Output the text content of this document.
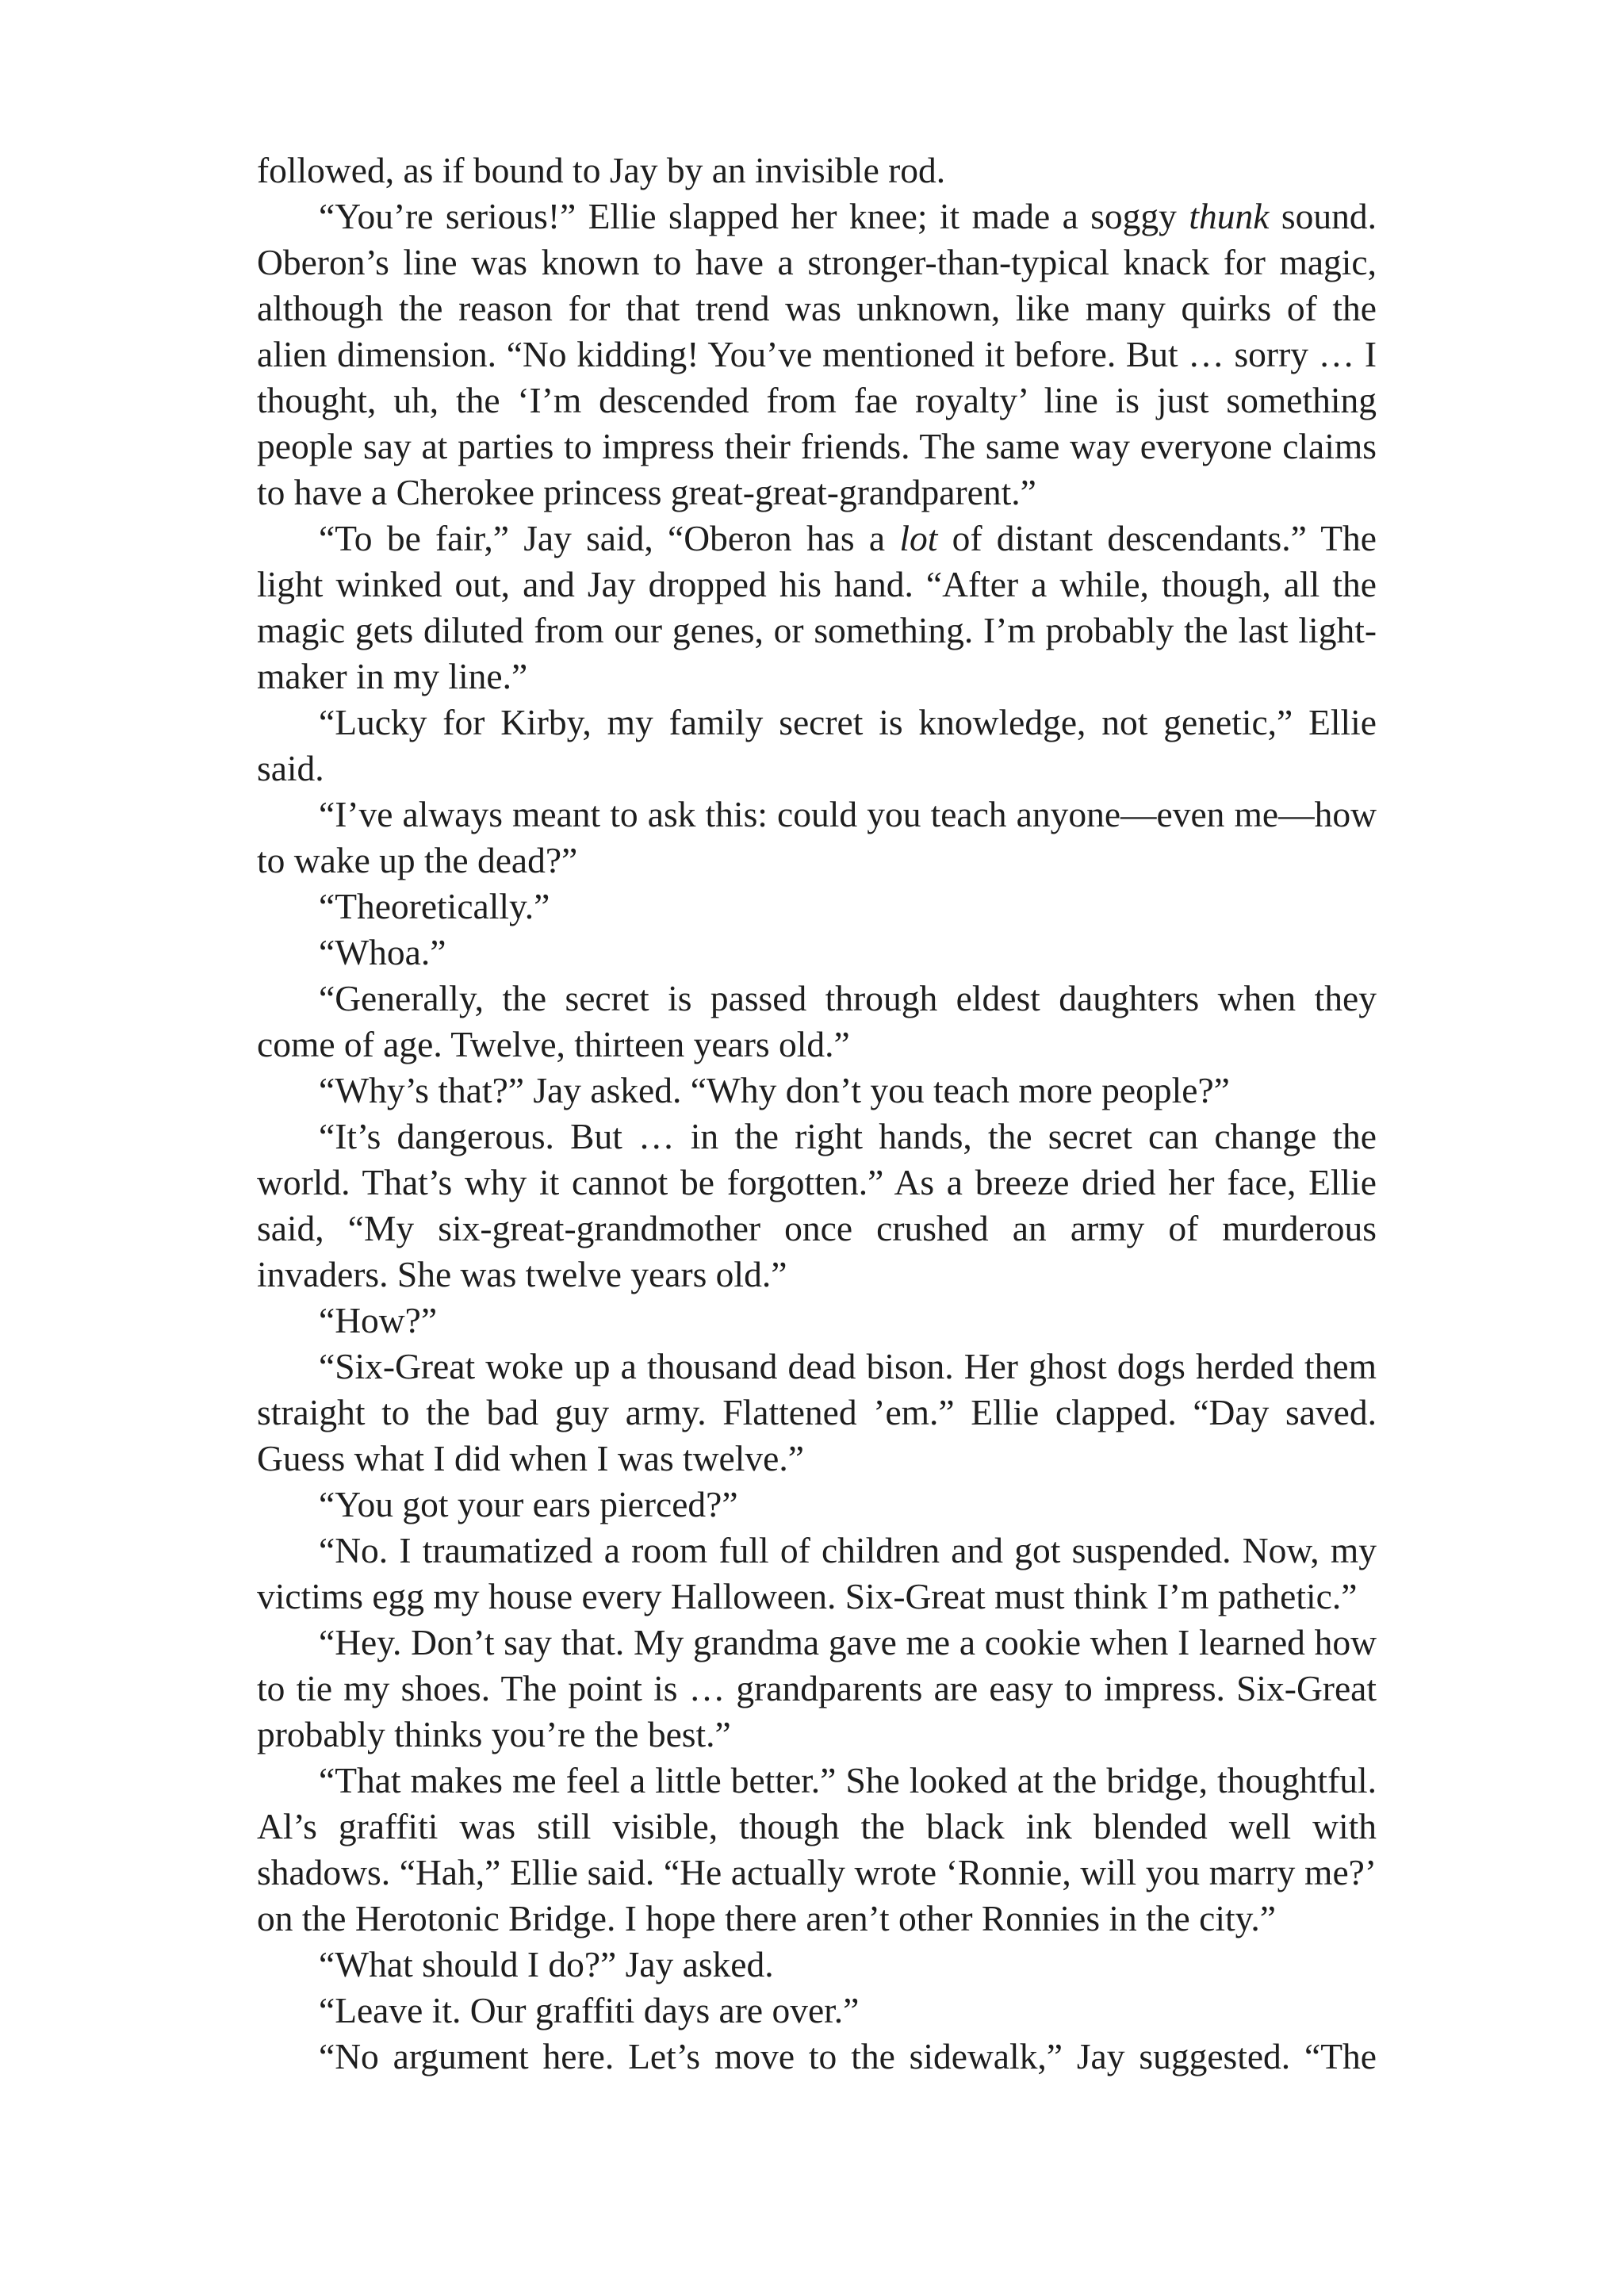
followed, as if bound to Jay by an invisible rod.

“You’re serious!” Ellie slapped her knee; it made a soggy thunk sound. Oberon’s line was known to have a stronger-than-typical knack for magic, although the reason for that trend was unknown, like many quirks of the alien dimension. “No kidding! You’ve mentioned it before. But … sorry … I thought, uh, the ‘I’m descended from fae royalty’ line is just something people say at parties to impress their friends. The same way everyone claims to have a Cherokee princess great-great-grandparent.”

“To be fair,” Jay said, “Oberon has a lot of distant descendants.” The light winked out, and Jay dropped his hand. “After a while, though, all the magic gets diluted from our genes, or something. I’m probably the last light-maker in my line.”

“Lucky for Kirby, my family secret is knowledge, not genetic,” Ellie said.

“I’ve always meant to ask this: could you teach anyone—even me—how to wake up the dead?”

“Theoretically.”

“Whoa.”

“Generally, the secret is passed through eldest daughters when they come of age. Twelve, thirteen years old.”

“Why’s that?” Jay asked. “Why don’t you teach more people?”

“It’s dangerous. But … in the right hands, the secret can change the world. That’s why it cannot be forgotten.” As a breeze dried her face, Ellie said, “My six-great-grandmother once crushed an army of murderous invaders. She was twelve years old.”

“How?”

“Six-Great woke up a thousand dead bison. Her ghost dogs herded them straight to the bad guy army. Flattened ’em.” Ellie clapped. “Day saved. Guess what I did when I was twelve.”

“You got your ears pierced?”

“No. I traumatized a room full of children and got suspended. Now, my victims egg my house every Halloween. Six-Great must think I’m pathetic.”

“Hey. Don’t say that. My grandma gave me a cookie when I learned how to tie my shoes. The point is … grandparents are easy to impress. Six-Great probably thinks you’re the best.”

“That makes me feel a little better.” She looked at the bridge, thoughtful. Al’s graffiti was still visible, though the black ink blended well with shadows. “Hah,” Ellie said. “He actually wrote ‘Ronnie, will you marry me?’ on the Herotonic Bridge. I hope there aren’t other Ronnies in the city.”

“What should I do?” Jay asked.

“Leave it. Our graffiti days are over.”

“No argument here. Let’s move to the sidewalk,” Jay suggested. “The
